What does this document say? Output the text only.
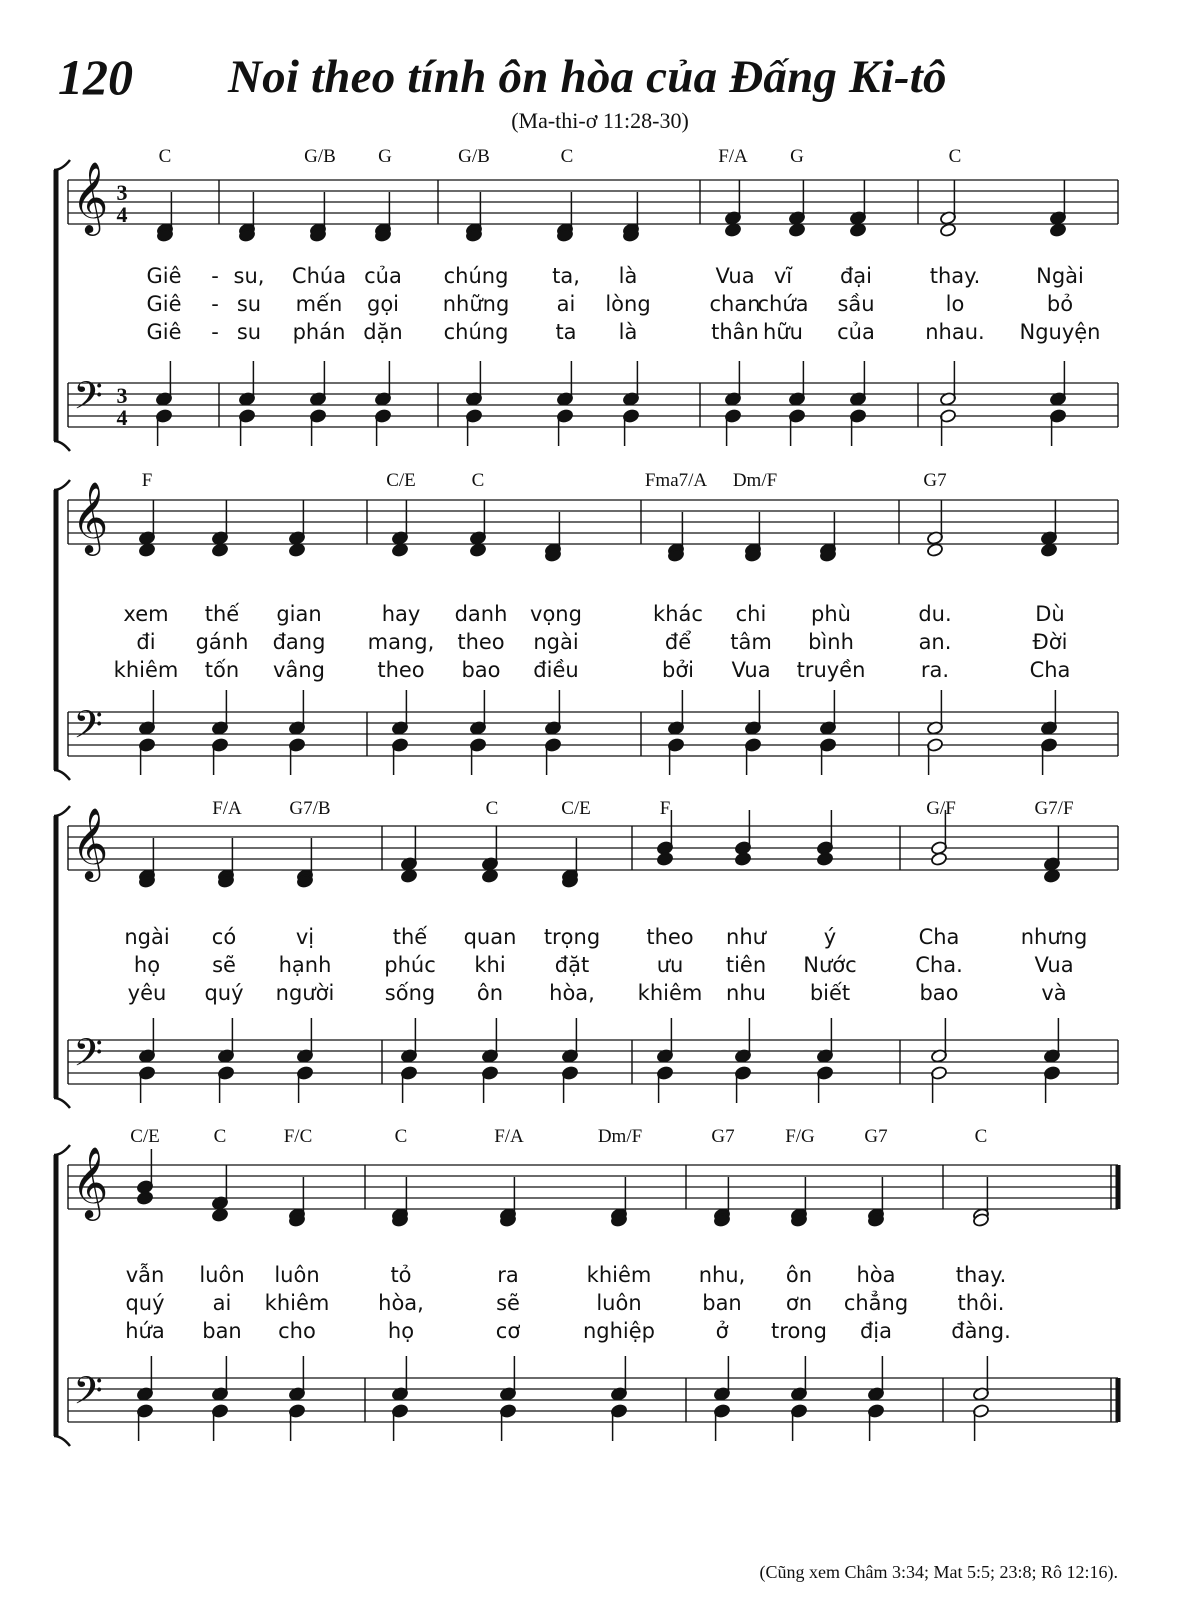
120 Noi theo tính ôn hòa của Đấng Ki-tô
(Ma-thi-ơ 11:28-30)
𝄞
𝄢
3
4
3
4
C	G/B G	G/B	C	F/A G	C
Giê - su, Chúa của chúng ta, là	Vua vĩ đại	thay.	Ngài
Giê - su mến gọi những ai lòng	chan
chứa sầu	lo	bỏ
Giê - su phán dặn chúng ta là	thân hữu của nhau. Nguyện
𝄞
𝄢
F	C/E	C	Fma7/A Dm/F	G7
xem thế gian	hay danh vọng	khác chi phù	du.	Dù
đi gánh đang mang, theo ngài	để tâm bình	an.	Đời
khiêm tốn vâng theo bao điều	bởi Vua truyền	ra.	Cha
𝄞
𝄢
F/A	G7/B	C	C/E	F	G/F	G7/F
ngài có	vị	thế quan trọng theo như	ý	Cha	nhưng
họ sẽ hạnh	phúc khi đặt	ưu tiên Nước	Cha.	Vua
yêu quý người sống ôn hòa, khiêm nhu biết	bao	và
𝄞
𝄢
C/E	C	F/C	C	F/A	Dm/F	G7	F/G	G7	C
vẫn luôn luôn	tỏ	ra	khiêm nhu, ôn hòa	thay.
quý ai khiêm hòa,	sẽ	luôn	ban ơn chẳng thôi.
hứa ban cho	họ	cơ	nghiệp	ở trong địa	đàng.
(Cũng xem Châm 3:34; Mat 5:5; 23:8; Rô 12:16).
